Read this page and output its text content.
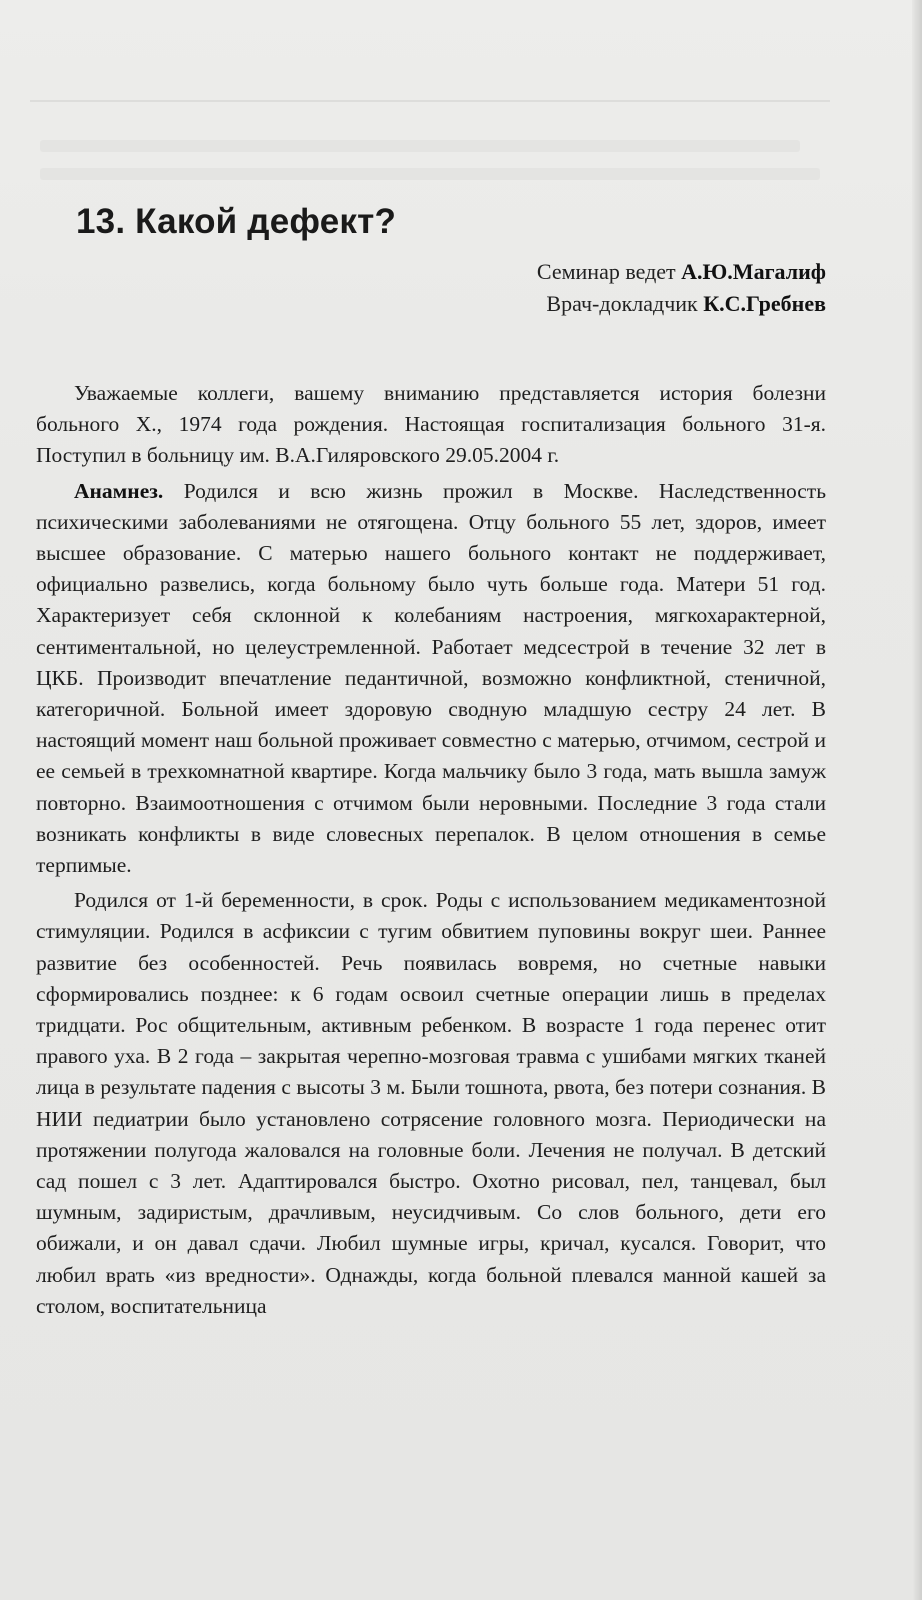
13. Какой дефект?
Семинар ведет А.Ю.Магалиф
Врач-докладчик К.С.Гребнев

Уважаемые коллеги, вашему вниманию представляется история болезни больного Х., 1974 года рождения. Настоящая госпитализация больного 31-я. Поступил в больницу им. В.А.Гиляровского 29.05.2004 г.

Анамнез. Родился и всю жизнь прожил в Москве. Наследственность психическими заболеваниями не отягощена. Отцу больного 55 лет, здоров, имеет высшее образование. С матерью нашего больного контакт не поддерживает, официально развелись, когда больному было чуть больше года. Матери 51 год. Характеризует себя склонной к колебаниям настроения, мягкохарактерной, сентиментальной, но целеустремленной. Работает медсестрой в течение 32 лет в ЦКБ. Производит впечатление педантичной, возможно конфликтной, стеничной, категоричной. Больной имеет здоровую сводную младшую сестру 24 лет. В настоящий момент наш больной проживает совместно с матерью, отчимом, сестрой и ее семьей в трехкомнатной квартире. Когда мальчику было 3 года, мать вышла замуж повторно. Взаимоотношения с отчимом были неровными. Последние 3 года стали возникать конфликты в виде словесных перепалок. В целом отношения в семье терпимые.

Родился от 1-й беременности, в срок. Роды с использованием медикаментозной стимуляции. Родился в асфиксии с тугим обвитием пуповины вокруг шеи. Раннее развитие без особенностей. Речь появилась вовремя, но счетные навыки сформировались позднее: к 6 годам освоил счетные операции лишь в пределах тридцати. Рос общительным, активным ребенком. В возрасте 1 года перенес отит правого уха. В 2 года – закрытая черепно-мозговая травма с ушибами мягких тканей лица в результате падения с высоты 3 м. Были тошнота, рвота, без потери сознания. В НИИ педиатрии было установлено сотрясение головного мозга. Периодически на протяжении полугода жаловался на головные боли. Лечения не получал. В детский сад пошел с 3 лет. Адаптировался быстро. Охотно рисовал, пел, танцевал, был шумным, задиристым, драчливым, неусидчивым. Со слов больного, дети его обижали, и он давал сдачи. Любил шумные игры, кричал, кусался. Говорит, что любил врать «из вредности». Однажды, когда больной плевался манной кашей за столом, воспитательница
